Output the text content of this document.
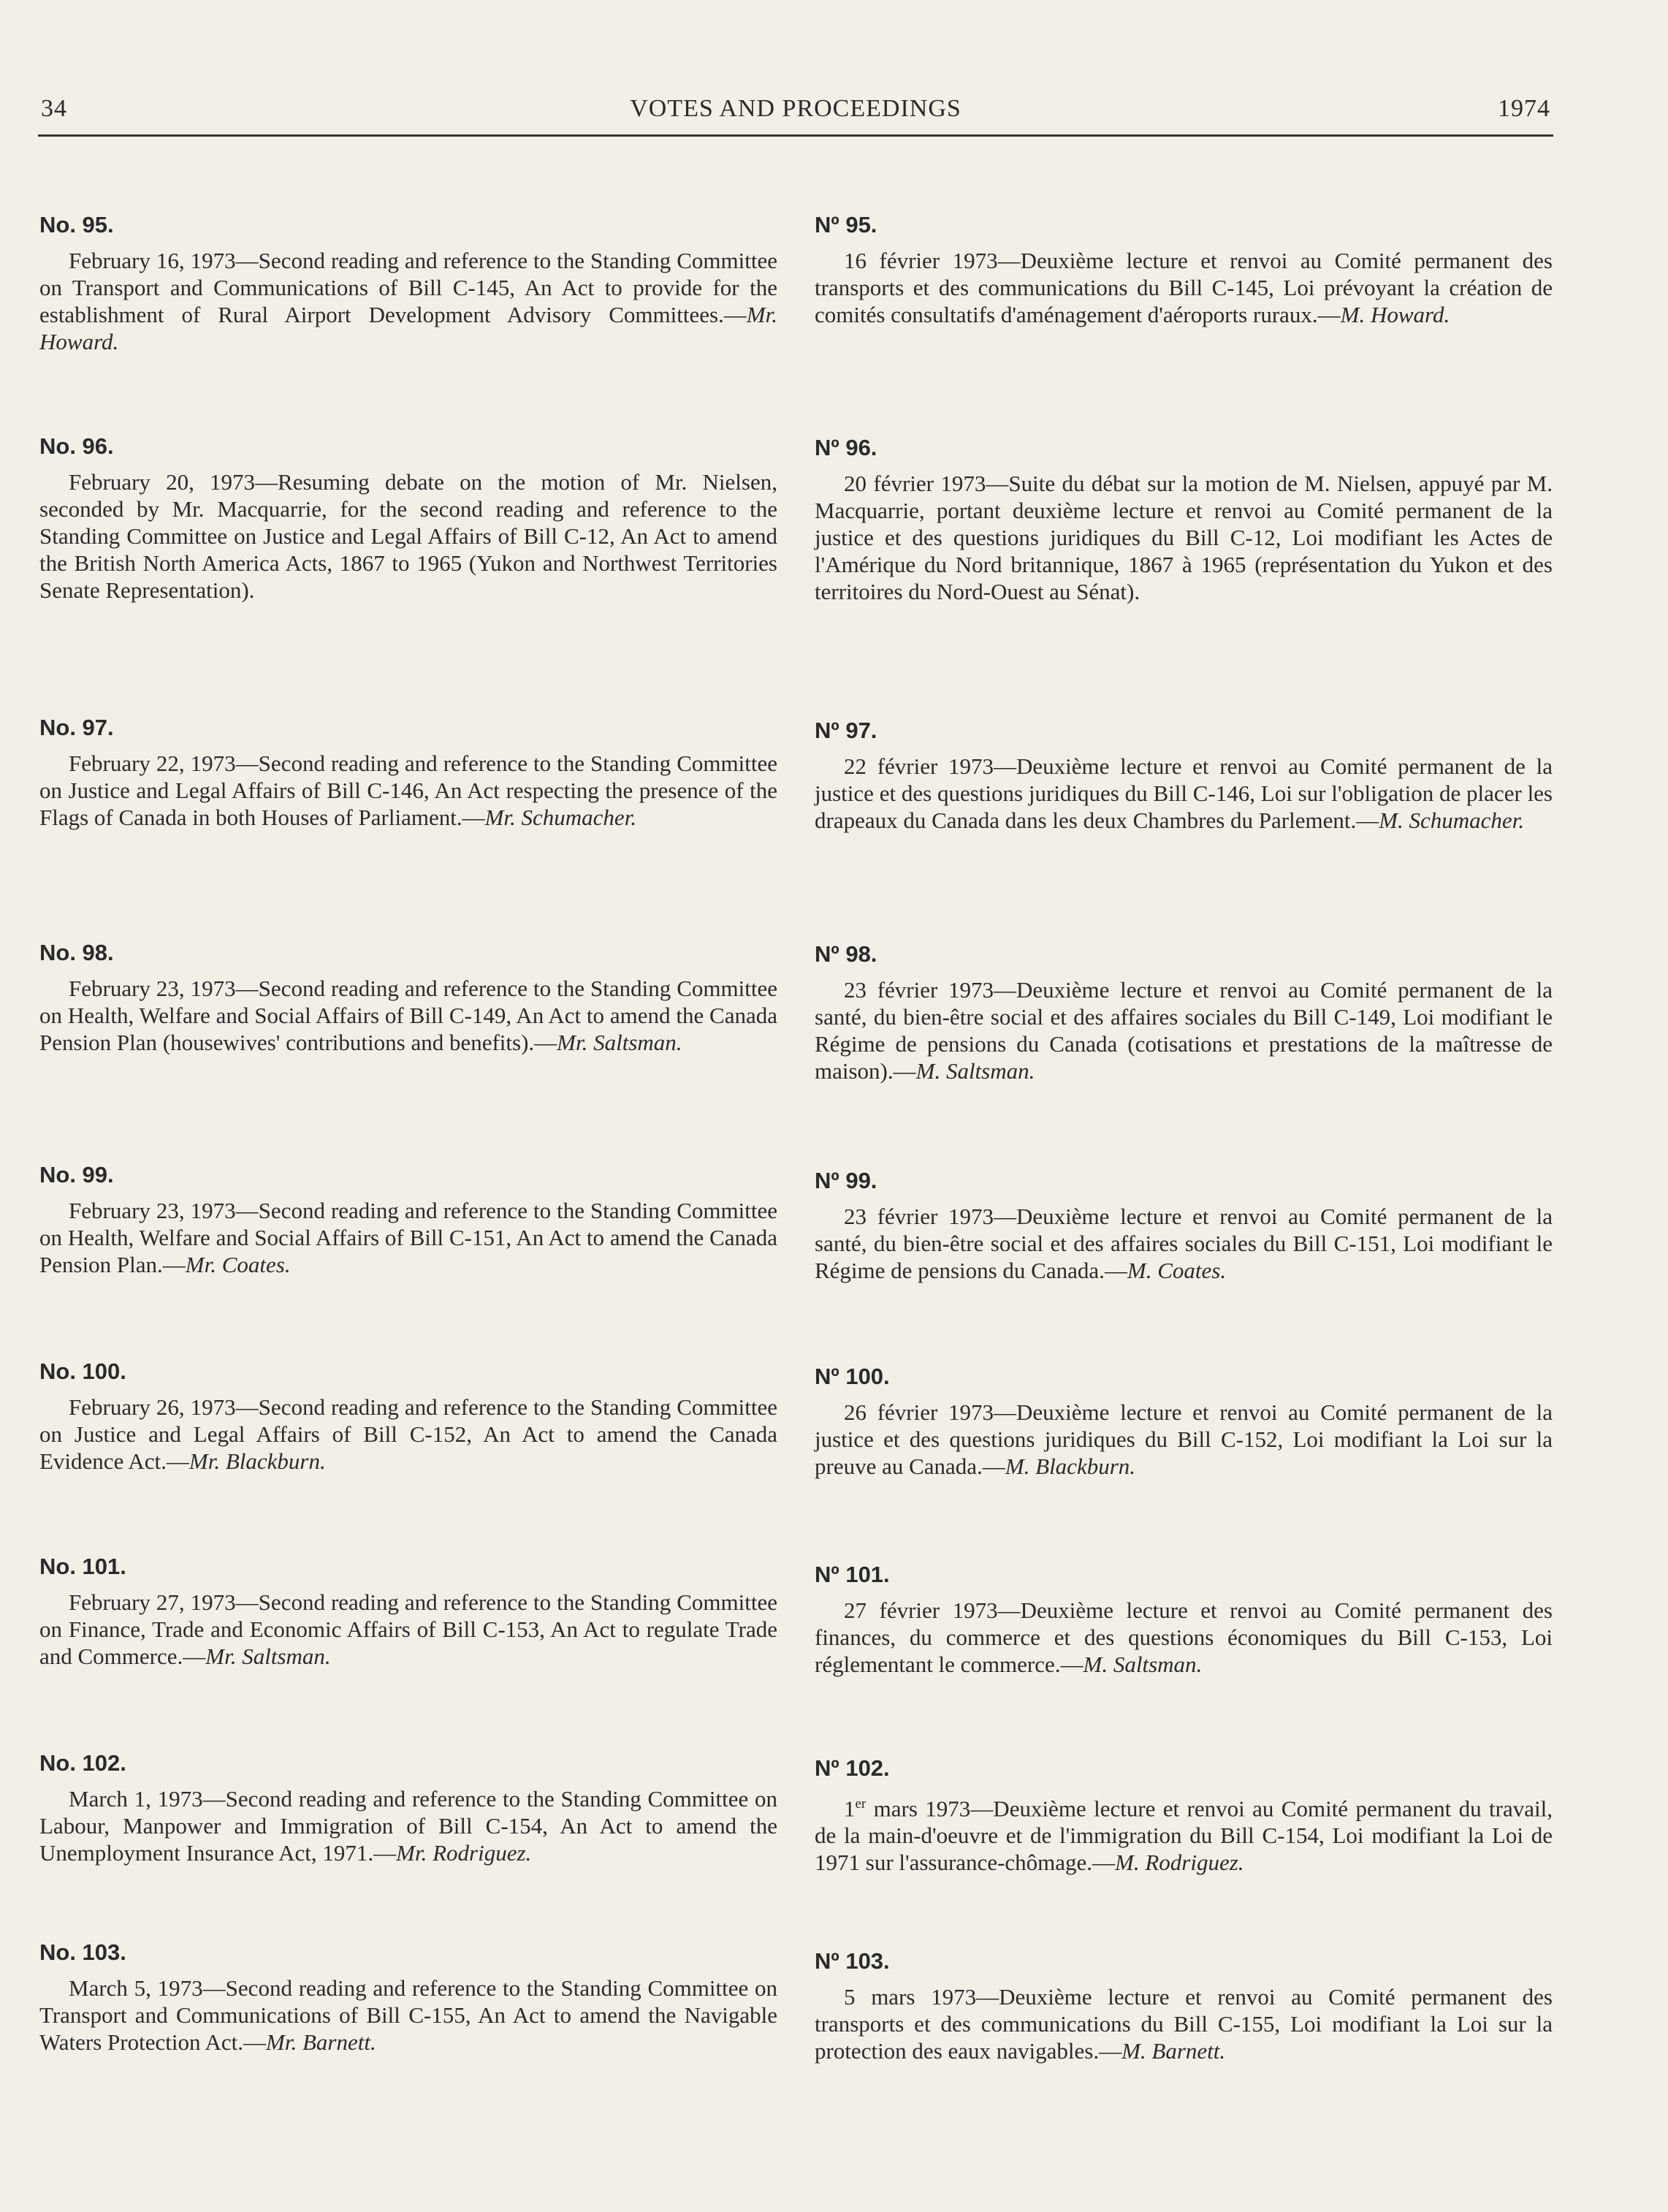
34	VOTES AND PROCEEDINGS	1974

No. 95.

February 16, 1973—Second reading and reference to the Standing Committee on Transport and Communications of Bill C-145, An Act to provide for the establishment of Rural Airport Development Advisory Committees.—Mr. Howard.

No. 96.

February 20, 1973—Resuming debate on the motion of Mr. Nielsen, seconded by Mr. Macquarrie, for the second reading and reference to the Standing Committee on Justice and Legal Affairs of Bill C-12, An Act to amend the British North America Acts, 1867 to 1965 (Yukon and Northwest Territories Senate Representation).

No. 97.

February 22, 1973—Second reading and reference to the Standing Committee on Justice and Legal Affairs of Bill C-146, An Act respecting the presence of the Flags of Canada in both Houses of Parliament.—Mr. Schumacher.

No. 98.

February 23, 1973—Second reading and reference to the Standing Committee on Health, Welfare and Social Affairs of Bill C-149, An Act to amend the Canada Pension Plan (housewives' contributions and benefits).—Mr. Saltsman.

No. 99.

February 23, 1973—Second reading and reference to the Standing Committee on Health, Welfare and Social Affairs of Bill C-151, An Act to amend the Canada Pension Plan.—Mr. Coates.

No. 100.

February 26, 1973—Second reading and reference to the Standing Committee on Justice and Legal Affairs of Bill C-152, An Act to amend the Canada Evidence Act.—Mr. Blackburn.

No. 101.

February 27, 1973—Second reading and reference to the Standing Committee on Finance, Trade and Economic Affairs of Bill C-153, An Act to regulate Trade and Commerce.—Mr. Saltsman.

No. 102.

March 1, 1973—Second reading and reference to the Standing Committee on Labour, Manpower and Immigration of Bill C-154, An Act to amend the Unemployment Insurance Act, 1971.—Mr. Rodriguez.

No. 103.

March 5, 1973—Second reading and reference to the Standing Committee on Transport and Communications of Bill C-155, An Act to amend the Navigable Waters Protection Act.—Mr. Barnett.

Nº 95.

16 février 1973—Deuxième lecture et renvoi au Comité permanent des transports et des communications du Bill C-145, Loi prévoyant la création de comités consultatifs d'aménagement d'aéroports ruraux.—M. Howard.

Nº 96.

20 février 1973—Suite du débat sur la motion de M. Nielsen, appuyé par M. Macquarrie, portant deuxième lecture et renvoi au Comité permanent de la justice et des questions juridiques du Bill C-12, Loi modifiant les Actes de l'Amérique du Nord britannique, 1867 à 1965 (représentation du Yukon et des territoires du Nord-Ouest au Sénat).

Nº 97.

22 février 1973—Deuxième lecture et renvoi au Comité permanent de la justice et des questions juridiques du Bill C-146, Loi sur l'obligation de placer les drapeaux du Canada dans les deux Chambres du Parlement.—M. Schumacher.

Nº 98.

23 février 1973—Deuxième lecture et renvoi au Comité permanent de la santé, du bien-être social et des affaires sociales du Bill C-149, Loi modifiant le Régime de pensions du Canada (cotisations et prestations de la maîtresse de maison).—M. Saltsman.

Nº 99.

23 février 1973—Deuxième lecture et renvoi au Comité permanent de la santé, du bien-être social et des affaires sociales du Bill C-151, Loi modifiant le Régime de pensions du Canada.—M. Coates.

Nº 100.

26 février 1973—Deuxième lecture et renvoi au Comité permanent de la justice et des questions juridiques du Bill C-152, Loi modifiant la Loi sur la preuve au Canada.—M. Blackburn.

Nº 101.

27 février 1973—Deuxième lecture et renvoi au Comité permanent des finances, du commerce et des questions économiques du Bill C-153, Loi réglementant le commerce.—M. Saltsman.

Nº 102.

1er mars 1973—Deuxième lecture et renvoi au Comité permanent du travail, de la main-d'oeuvre et de l'immigration du Bill C-154, Loi modifiant la Loi de 1971 sur l'assurance-chômage.—M. Rodriguez.

Nº 103.

5 mars 1973—Deuxième lecture et renvoi au Comité permanent des transports et des communications du Bill C-155, Loi modifiant la Loi sur la protection des eaux navigables.—M. Barnett.
